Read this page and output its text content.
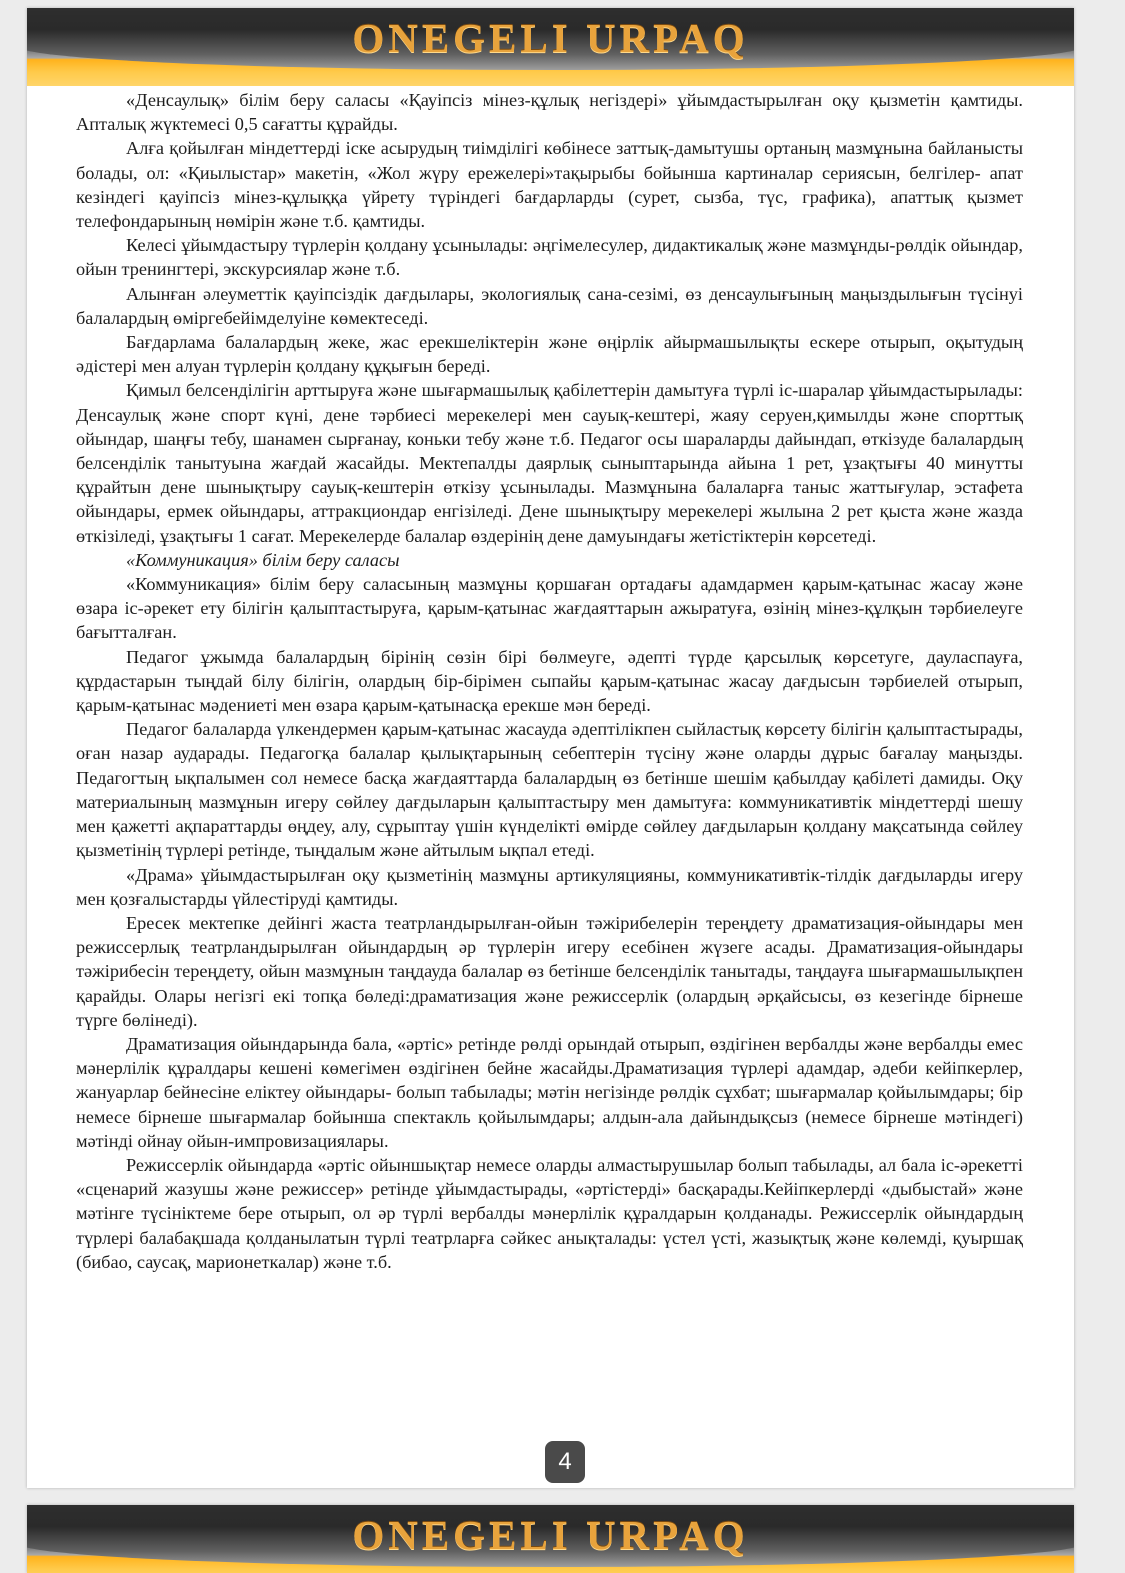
ONEGELI URPAQ

«Денсаулық» білім беру саласы «Қауіпсіз мінез-құлық негіздері» ұйымдастырылған оқу қызметін қамтиды. Апталық жүктемесі 0,5 сағатты құрайды.

Алға қойылған міндеттерді іске асырудың тиімділігі көбінесе заттық-дамытушы ортаның мазмұнына байланысты болады, ол: «Қиылыстар» макетін, «Жол жүру ережелері»тақырыбы бойынша картиналар сериясын, белгілер- апат кезіндегі қауіпсіз мінез-құлыққа үйрету түріндегі бағдарларды (сурет, сызба, түс, графика), апаттық қызмет телефондарының нөмірін және т.б. қамтиды.

Келесі ұйымдастыру түрлерін қолдану ұсынылады: әңгімелесулер, дидактикалық және мазмұнды-рөлдік ойындар, ойын тренингтері, экскурсиялар және т.б.

Алынған әлеуметтік қауіпсіздік дағдылары, экологиялық сана-сезімі, өз денсаулығының маңыздылығын түсінуі балалардың өміргебейімделуіне көмектеседі.

Бағдарлама балалардың жеке, жас ерекшеліктерін және өңірлік айырмашылықты ескере отырып, оқытудың әдістері мен алуан түрлерін қолдану құқығын береді.

Қимыл белсенділігін арттыруға және шығармашылық қабілеттерін дамытуға түрлі іс-шаралар ұйымдастырылады: Денсаулық және спорт күні, дене тәрбиесі мерекелері мен сауық-кештері, жаяу серуен,қимылды және спорттық ойындар, шаңғы тебу, шанамен сырғанау, коньки тебу және т.б. Педагог осы шараларды дайындап, өткізуде балалардың белсенділік танытуына жағдай жасайды. Мектепалды даярлық сыныптарында айына 1 рет, ұзақтығы 40 минутты құрайтын дене шынықтыру сауық-кештерін өткізу ұсынылады. Мазмұнына балаларға таныс жаттығулар, эстафета ойындары, ермек ойындары, аттракциондар енгізіледі. Дене шынықтыру мерекелері жылына 2 рет қыста және жазда өткізіледі, ұзақтығы 1 сағат. Мерекелерде балалар өздерінің дене дамуындағы жетістіктерін көрсетеді.

«Коммуникация» білім беру саласы

«Коммуникация» білім беру саласының мазмұны қоршаған ортадағы адамдармен қарым-қатынас жасау және өзара іс-әрекет ету білігін қалыптастыруға, қарым-қатынас жағдаяттарын ажыратуға, өзінің мінез-құлқын тәрбиелеуге бағытталған.

Педагог ұжымда балалардың бірінің сөзін бірі бөлмеуге, әдепті түрде қарсылық көрсетуге, дауласпауға, құрдастарын тыңдай білу білігін, олардың бір-бірімен сыпайы қарым-қатынас жасау дағдысын тәрбиелей отырып, қарым-қатынас мәдениеті мен өзара қарым-қатынасқа ерекше мән береді.

Педагог балаларда үлкендермен қарым-қатынас жасауда әдептілікпен сыйластық көрсету білігін қалыптастырады, оған назар аударады. Педагогқа балалар қылықтарының себептерін түсіну және оларды дұрыс бағалау маңызды. Педагогтың ықпалымен сол немесе басқа жағдаяттарда балалардың өз бетінше шешім қабылдау қабілеті дамиды. Оқу материалының мазмұнын игеру сөйлеу дағдыларын қалыптастыру мен дамытуға: коммуникативтік міндеттерді шешу мен қажетті ақпараттарды өңдеу, алу, сұрыптау үшін күнделікті өмірде сөйлеу дағдыларын қолдану мақсатында сөйлеу қызметінің түрлері ретінде, тыңдалым және айтылым ықпал етеді.

«Драма» ұйымдастырылған оқу қызметінің мазмұны артикуляцияны, коммуникативтік-тілдік дағдыларды игеру мен қозғалыстарды үйлестіруді қамтиды.

Ересек мектепке дейінгі жаста театрландырылған-ойын тәжірибелерін тереңдету драматизация-ойындары мен режиссерлық театрландырылған ойындардың әр түрлерін игеру есебінен жүзеге асады. Драматизация-ойындары тәжірибесін тереңдету, ойын мазмұнын таңдауда балалар өз бетінше белсенділік танытады, таңдауға шығармашылықпен қарайды. Олары негізгі екі топқа бөледі:драматизация және режиссерлік (олардың әрқайсысы, өз кезегінде бірнеше түрге бөлінеді).

Драматизация ойындарында бала, «әртіс» ретінде рөлді орындай отырып, өздігінен вербалды және вербалды емес мәнерлілік құралдары кешені көмегімен өздігінен бейне жасайды.Драматизация түрлері адамдар, әдеби кейіпкерлер, жануарлар бейнесіне еліктеу ойындары- болып табылады; мәтін негізінде рөлдік сұхбат; шығармалар қойылымдары; бір немесе бірнеше шығармалар бойынша спектакль қойылымдары; алдын-ала дайындықсыз (немесе бірнеше мәтіндегі) мәтінді ойнау ойын-импровизациялары.

Режиссерлік ойындарда «әртіс ойыншықтар немесе оларды алмастырушылар болып табылады, ал бала іс-әрекетті «сценарий жазушы және режиссер» ретінде ұйымдастырады, «әртістерді» басқарады.Кейіпкерлерді «дыбыстай» және мәтінге түсініктеме бере отырып, ол әр түрлі вербалды мәнерлілік құралдарын қолданады. Режиссерлік ойындардың түрлері балабақшада қолданылатын түрлі театрларға сәйкес анықталады: үстел үсті, жазықтық және көлемді, қуыршақ (бибао, саусақ, марионеткалар) және т.б.

4
ONEGELI URPAQ
